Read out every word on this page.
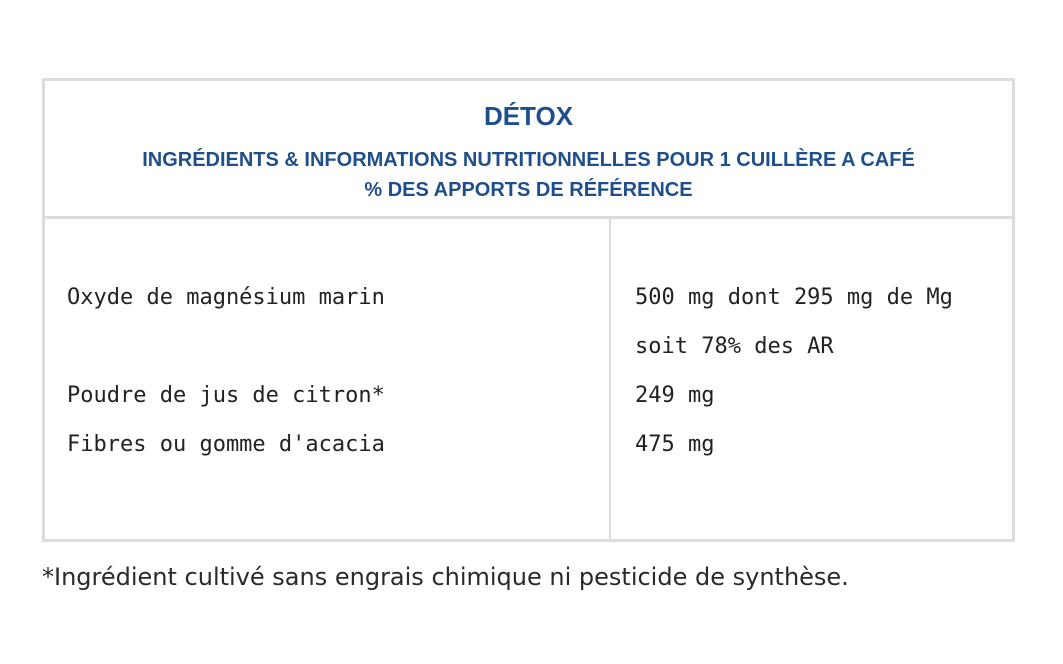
DÉTOX
INGRÉDIENTS & INFORMATIONS NUTRITIONNELLES POUR 1 CUILLÈRE A CAFÉ
% DES APPORTS DE RÉFÉRENCE
Oxyde de magnésium marin	500 mg dont 295 mg de Mg
soit 78% des AR
Poudre de jus de citron*	249 mg
Fibres ou gomme d'acacia	475 mg
*Ingrédient cultivé sans engrais chimique ni pesticide de synthèse.
